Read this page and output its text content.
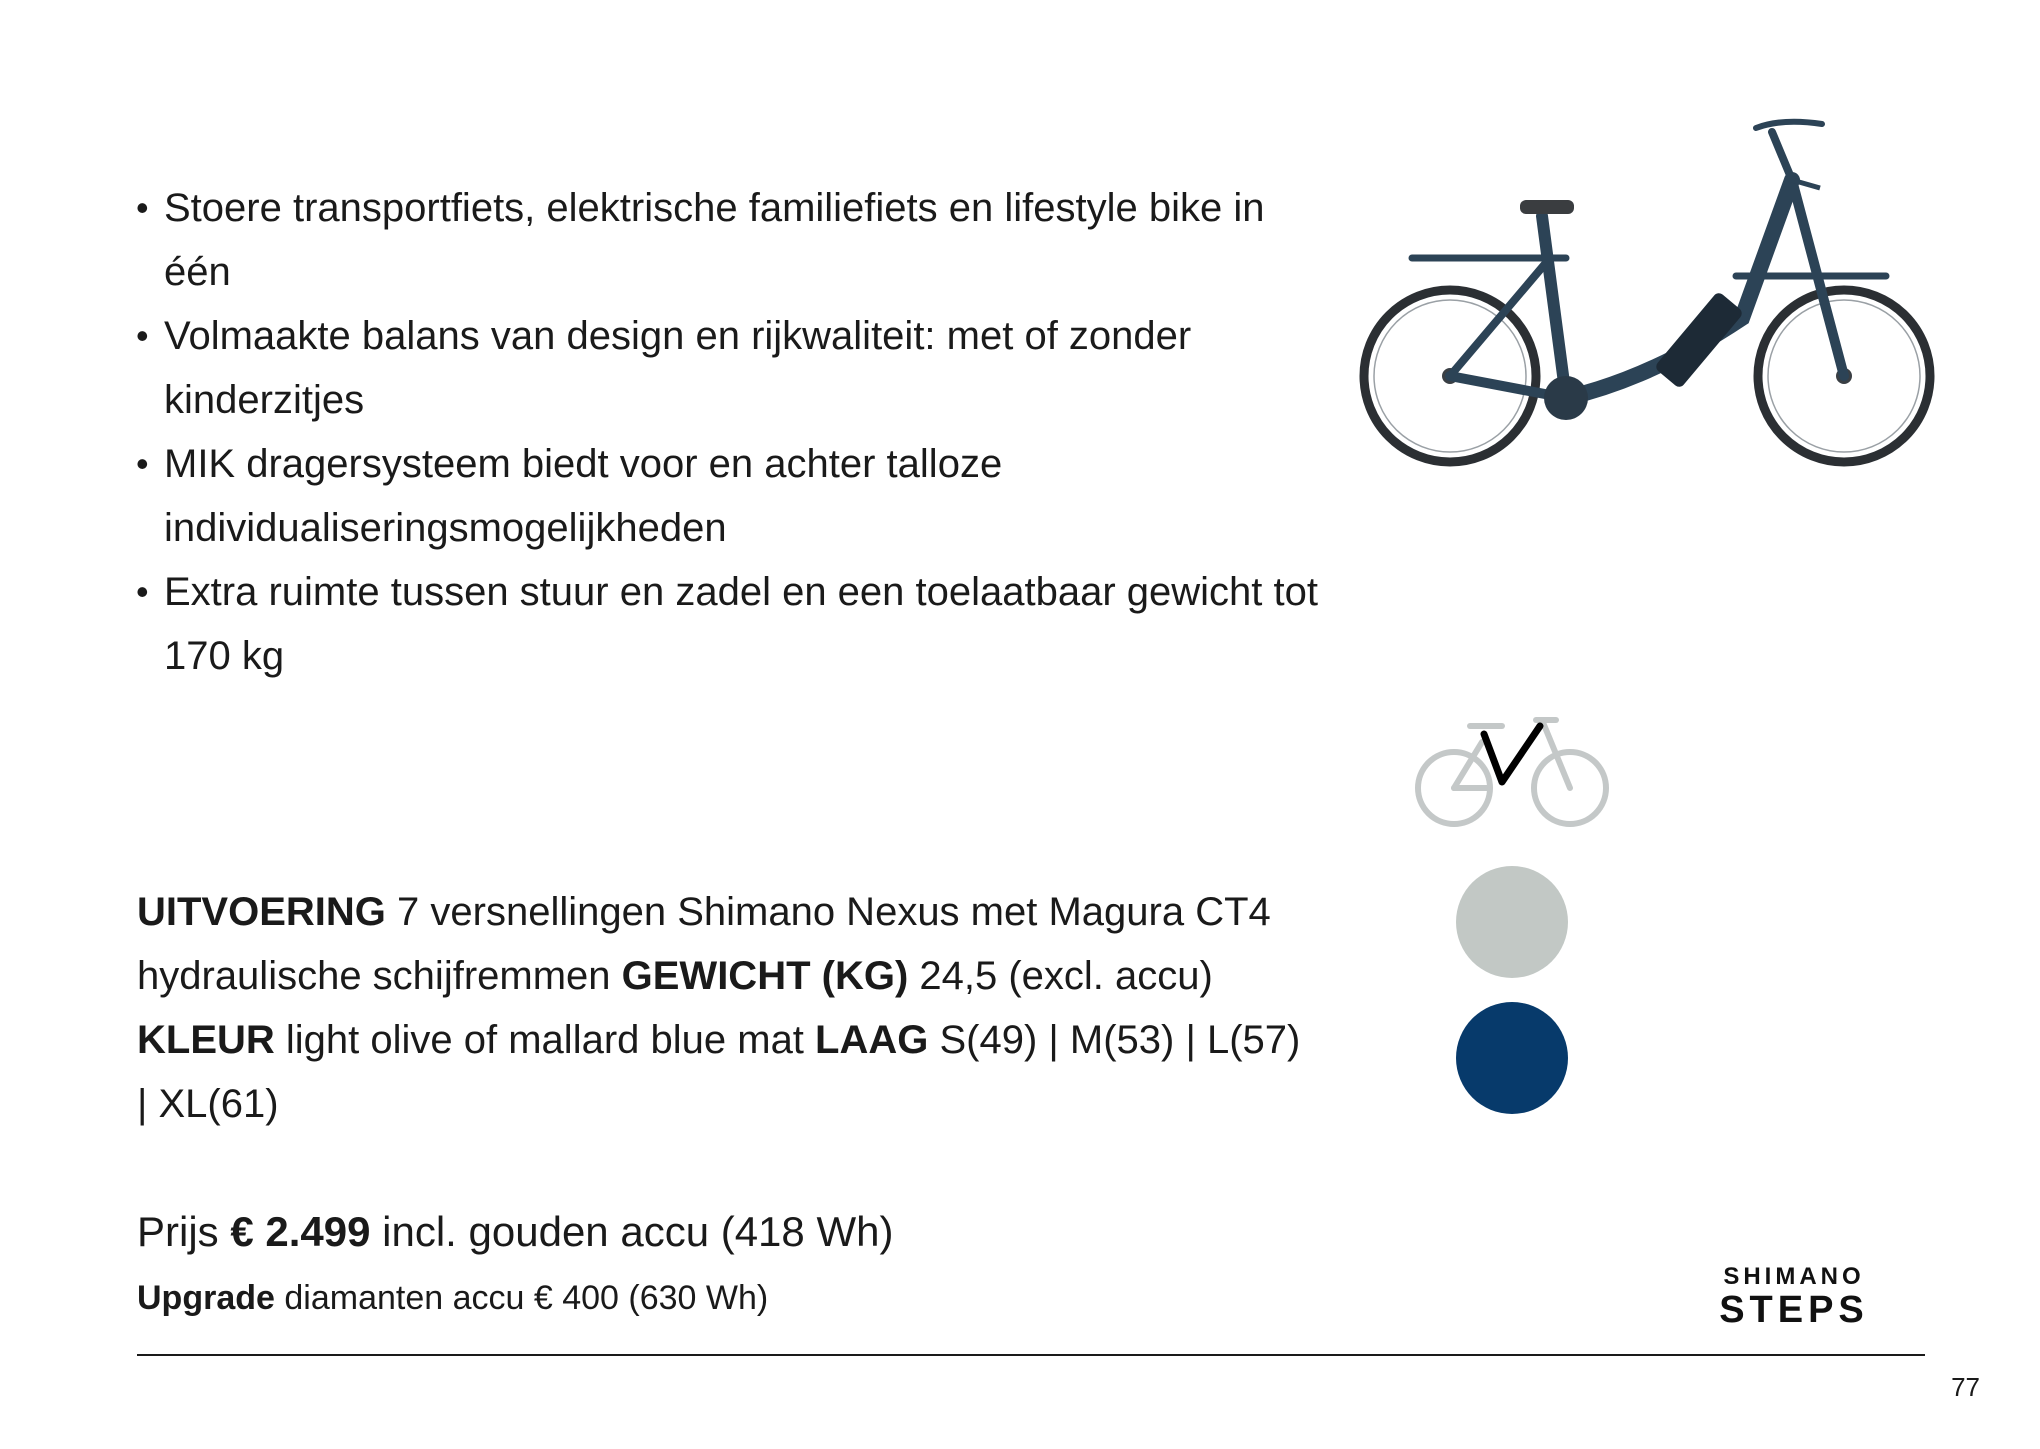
• Stoere transportfiets, elektrische familiefiets en lifestyle bike in één
• Volmaakte balans van design en rijkwaliteit: met of zonder kinderzitjes
• MIK dragersysteem biedt voor en achter talloze individualiseringsmogelijkheden
• Extra ruimte tussen stuur en zadel en een toelaatbaar gewicht tot 170 kg

UITVOERING 7 versnellingen Shimano Nexus met Magura CT4 hydraulische schijfremmen GEWICHT (KG) 24,5 (excl. accu) KLEUR light olive of mallard blue mat LAAG S(49) | M(53) | L(57) | XL(61)

Prijs € 2.499 incl. gouden accu (418 Wh)

Upgrade diamanten accu € 400 (630 Wh)

SHIMANO
STEPS
77
